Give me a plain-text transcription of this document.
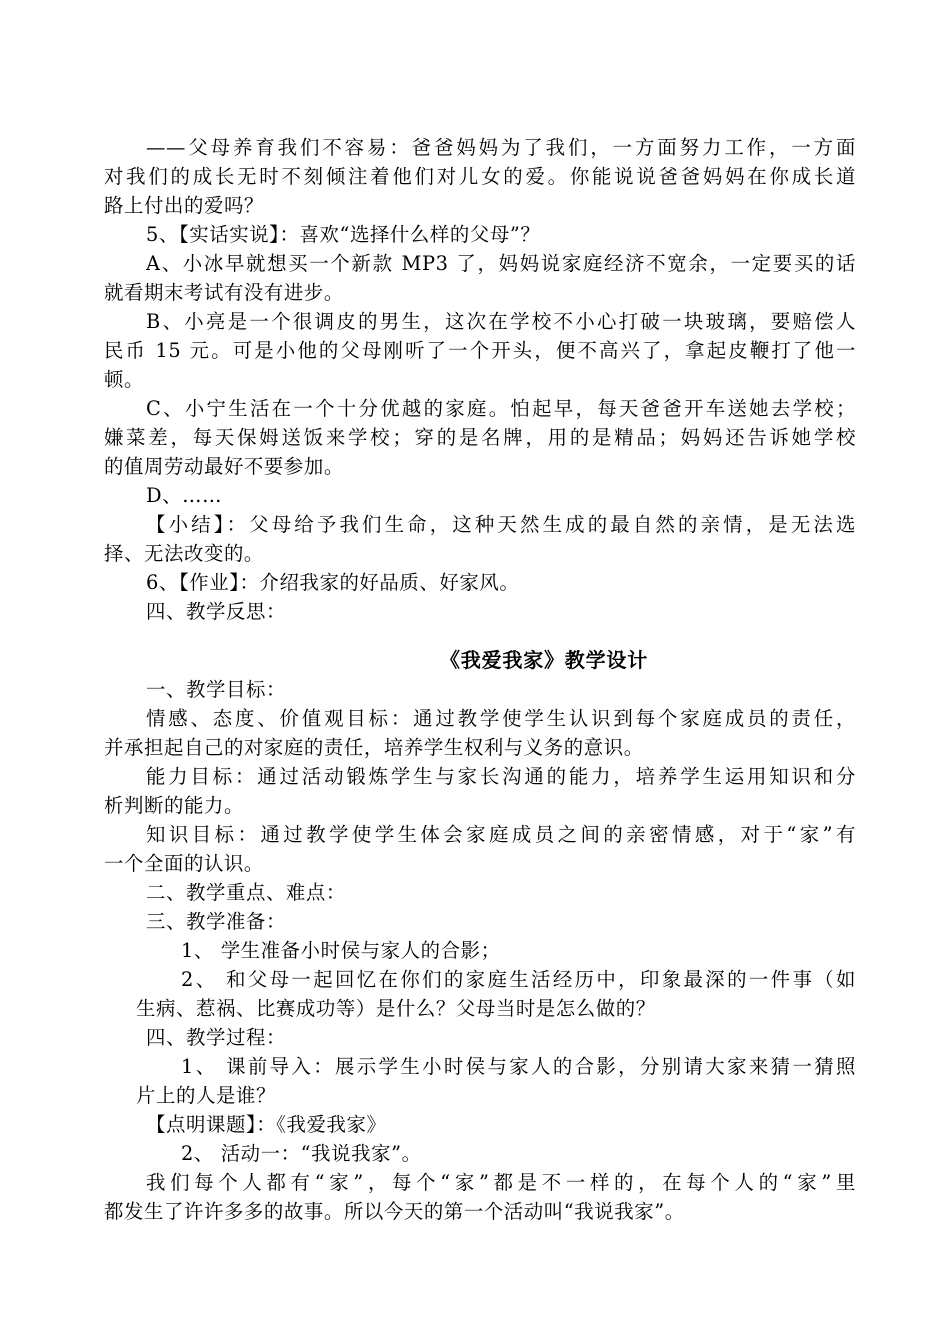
——父母养育我们不容易：爸爸妈妈为了我们，一方面努力工作，一方面
对我们的成长无时不刻倾注着他们对儿女的爱。你能说说爸爸妈妈在你成长道
路上付出的爱吗？
5、【实话实说】：喜欢“选择什么样的父母”？
A、小冰早就想买一个新款 MP3 了，妈妈说家庭经济不宽余，一定要买的话
就看期末考试有没有进步。
B、小亮是一个很调皮的男生，这次在学校不小心打破一块玻璃，要赔偿人
民币 15 元。可是小他的父母刚听了一个开头，便不高兴了，拿起皮鞭打了他一
顿。
C、小宁生活在一个十分优越的家庭。怕起早，每天爸爸开车送她去学校；
嫌菜差，每天保姆送饭来学校；穿的是名牌，用的是精品；妈妈还告诉她学校
的值周劳动最好不要参加。
D、……
【小结】：父母给予我们生命，这种天然生成的最自然的亲情，是无法选
择、无法改变的。
6、【作业】：介绍我家的好品质、好家风。
四、教学反思：
《我爱我家》教学设计
一、教学目标：
情感、态度、价值观目标：通过教学使学生认识到每个家庭成员的责任，
并承担起自己的对家庭的责任，培养学生权利与义务的意识。
能力目标：通过活动锻炼学生与家长沟通的能力，培养学生运用知识和分
析判断的能力。
知识目标：通过教学使学生体会家庭成员之间的亲密情感，对于“家”有
一个全面的认识。
二、教学重点、难点：
三、教学准备：
1、 学生准备小时侯与家人的合影；
2、 和父母一起回忆在你们的家庭生活经历中，印象最深的一件事（如
生病、惹祸、比赛成功等）是什么？父母当时是怎么做的？
四、教学过程：
1、 课前导入：展示学生小时侯与家人的合影，分别请大家来猜一猜照
片上的人是谁？
【点明课题】：《我爱我家》
2、 活动一：“我说我家”。
我们每个人都有“家”，每个“家”都是不一样的，在每个人的“家”里
都发生了许许多多的故事。所以今天的第一个活动叫“我说我家”。
